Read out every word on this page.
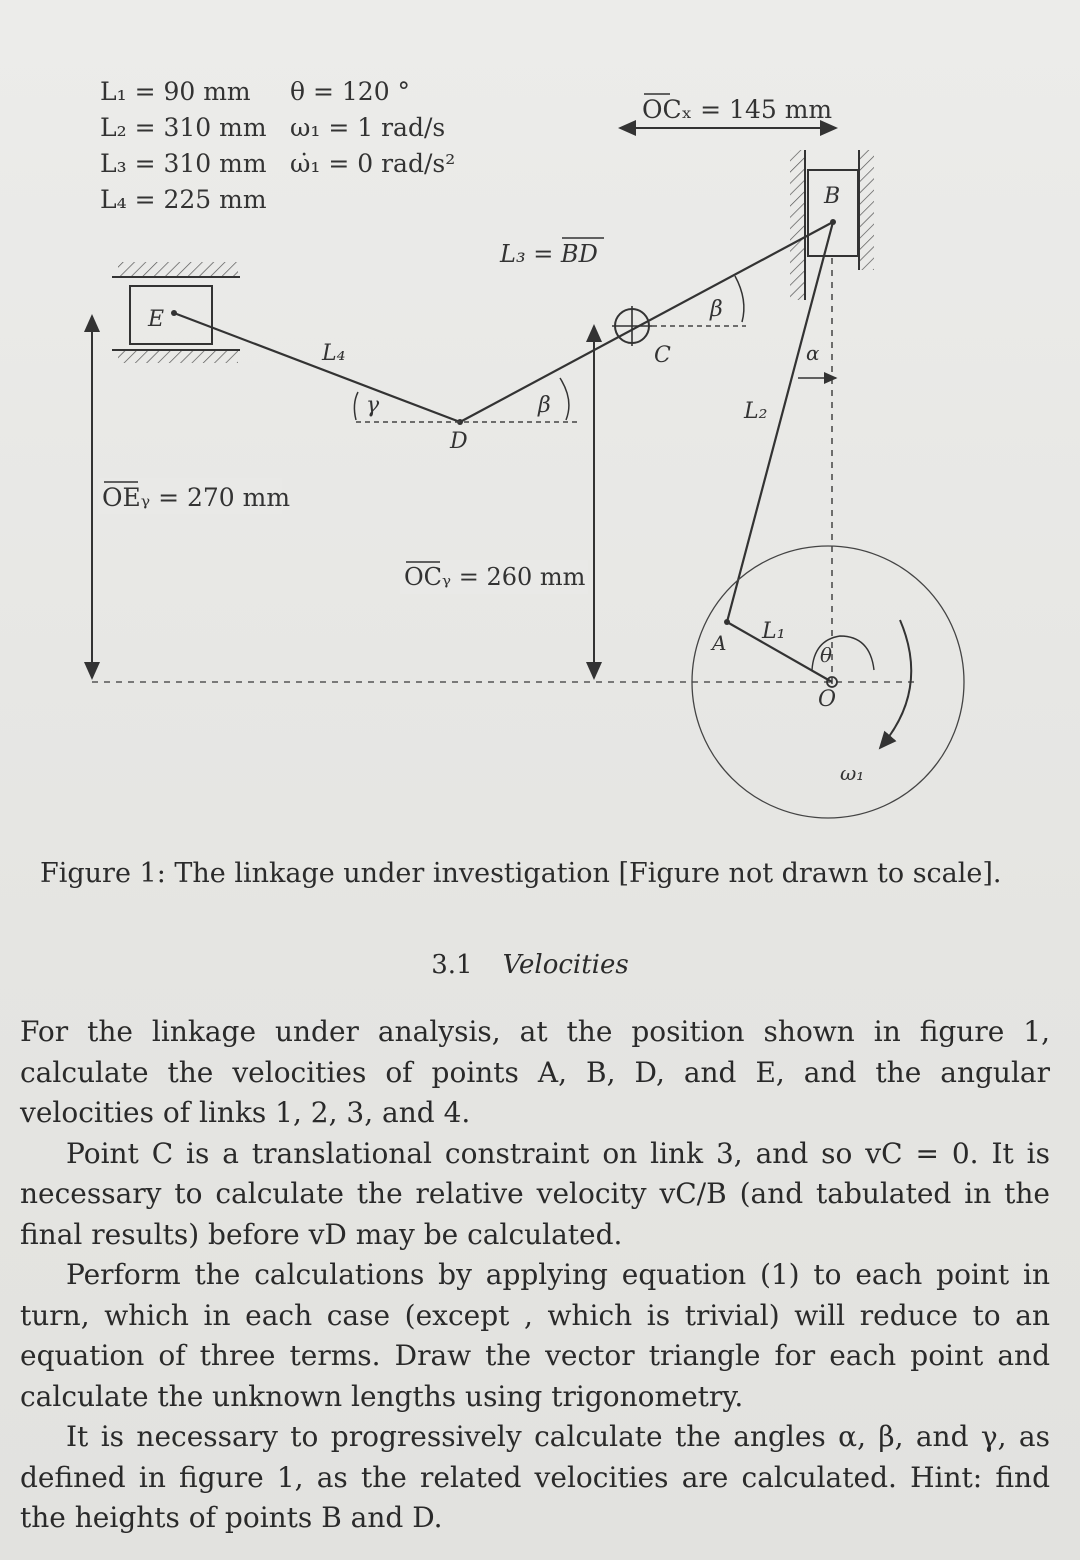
L₁ = 90 mm
L₂ = 310 mm
L₃ = 310 mm
L₄ = 225 mm
θ = 120 °
ω₁ = 1 rad/s
ω̇₁ = 0 rad/s²
OCₓ = 145 mm
B
E
L₄
L₃ = BD
L₂
L₁
C
β
β
γ
D
α
OEᵧ = 270 mm
OCᵧ = 260 mm
A
O
θ
ω₁
Figure 1: The linkage under investigation [Figure not drawn to scale].
3.1 Velocities

For the linkage under analysis, at the position shown in figure 1, calculate the velocities of points A, B, D, and E, and the angular velocities of links 1, 2, 3, and 4.

Point C is a translational constraint on link 3, and so vC = 0. It is necessary to calculate the relative velocity vC/B (and tabulated in the final results) before vD may be calculated.

Perform the calculations by applying equation (1) to each point in turn, which in each case (except , which is trivial) will reduce to an equation of three terms. Draw the vector triangle for each point and calculate the unknown lengths using trigonometry.

It is necessary to progressively calculate the angles α, β, and γ, as defined in figure 1, as the related velocities are calculated. Hint: find the heights of points B and D.
